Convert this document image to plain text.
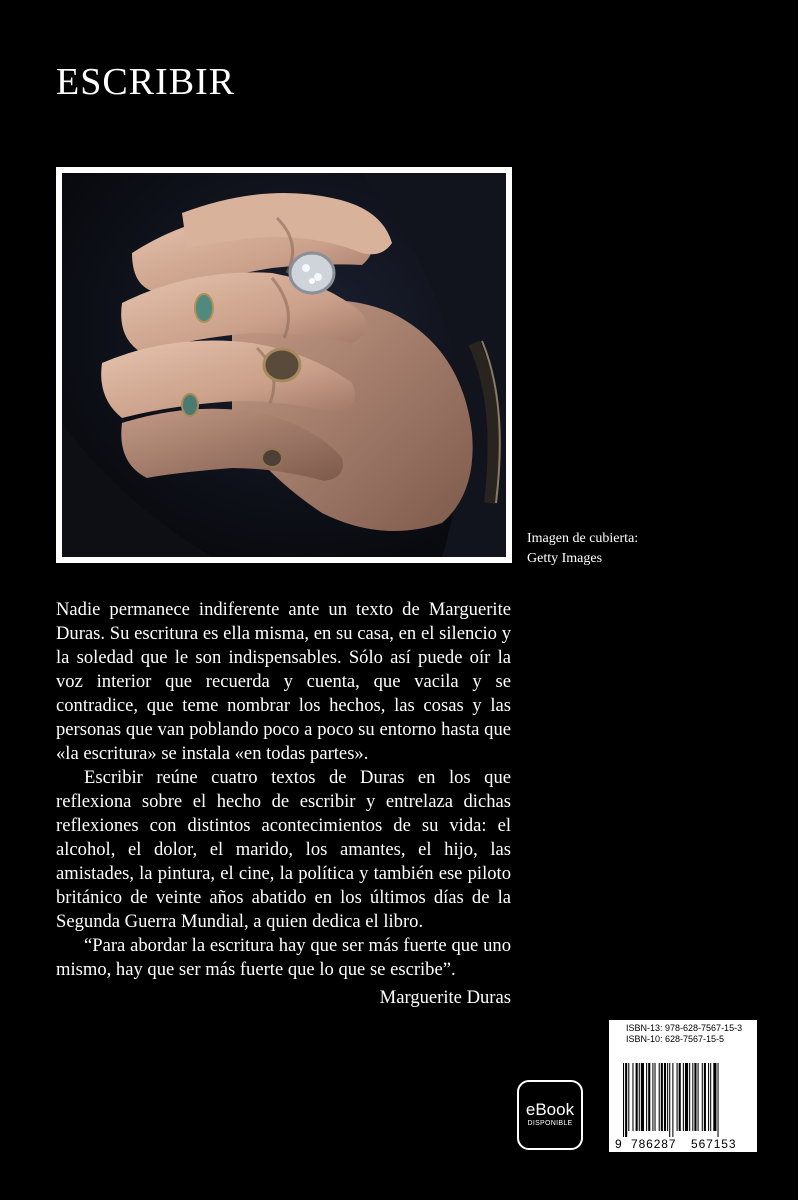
ESCRIBIR
Imagen de cubierta:
Getty Images

Nadie permanece indiferente ante un texto de Marguerite Duras. Su escritura es ella misma, en su casa, en el silencio y la soledad que le son indispensables. Sólo así puede oír la voz interior que recuerda y cuenta, que vacila y se contradice, que teme nombrar los hechos, las cosas y las personas que van poblando poco a poco su entorno hasta que «la escritura» se instala «en todas partes».

Escribir reúne cuatro textos de Duras en los que reflexiona sobre el hecho de escribir y entrelaza dichas reflexiones con distintos acontecimientos de su vida: el alcohol, el dolor, el marido, los amantes, el hijo, las amistades, la pintura, el cine, la política y también ese piloto británico de veinte años abatido en los últimos días de la Segunda Guerra Mundial, a quien dedica el libro.

“Para abordar la escritura hay que ser más fuerte que uno mismo, hay que ser más fuerte que lo que se escribe”.

Marguerite Duras
eBook
DISPONIBLE
ISBN-13: 978-628-7567-15-3
ISBN-10: 628-7567-15-5
9 786287 567153
